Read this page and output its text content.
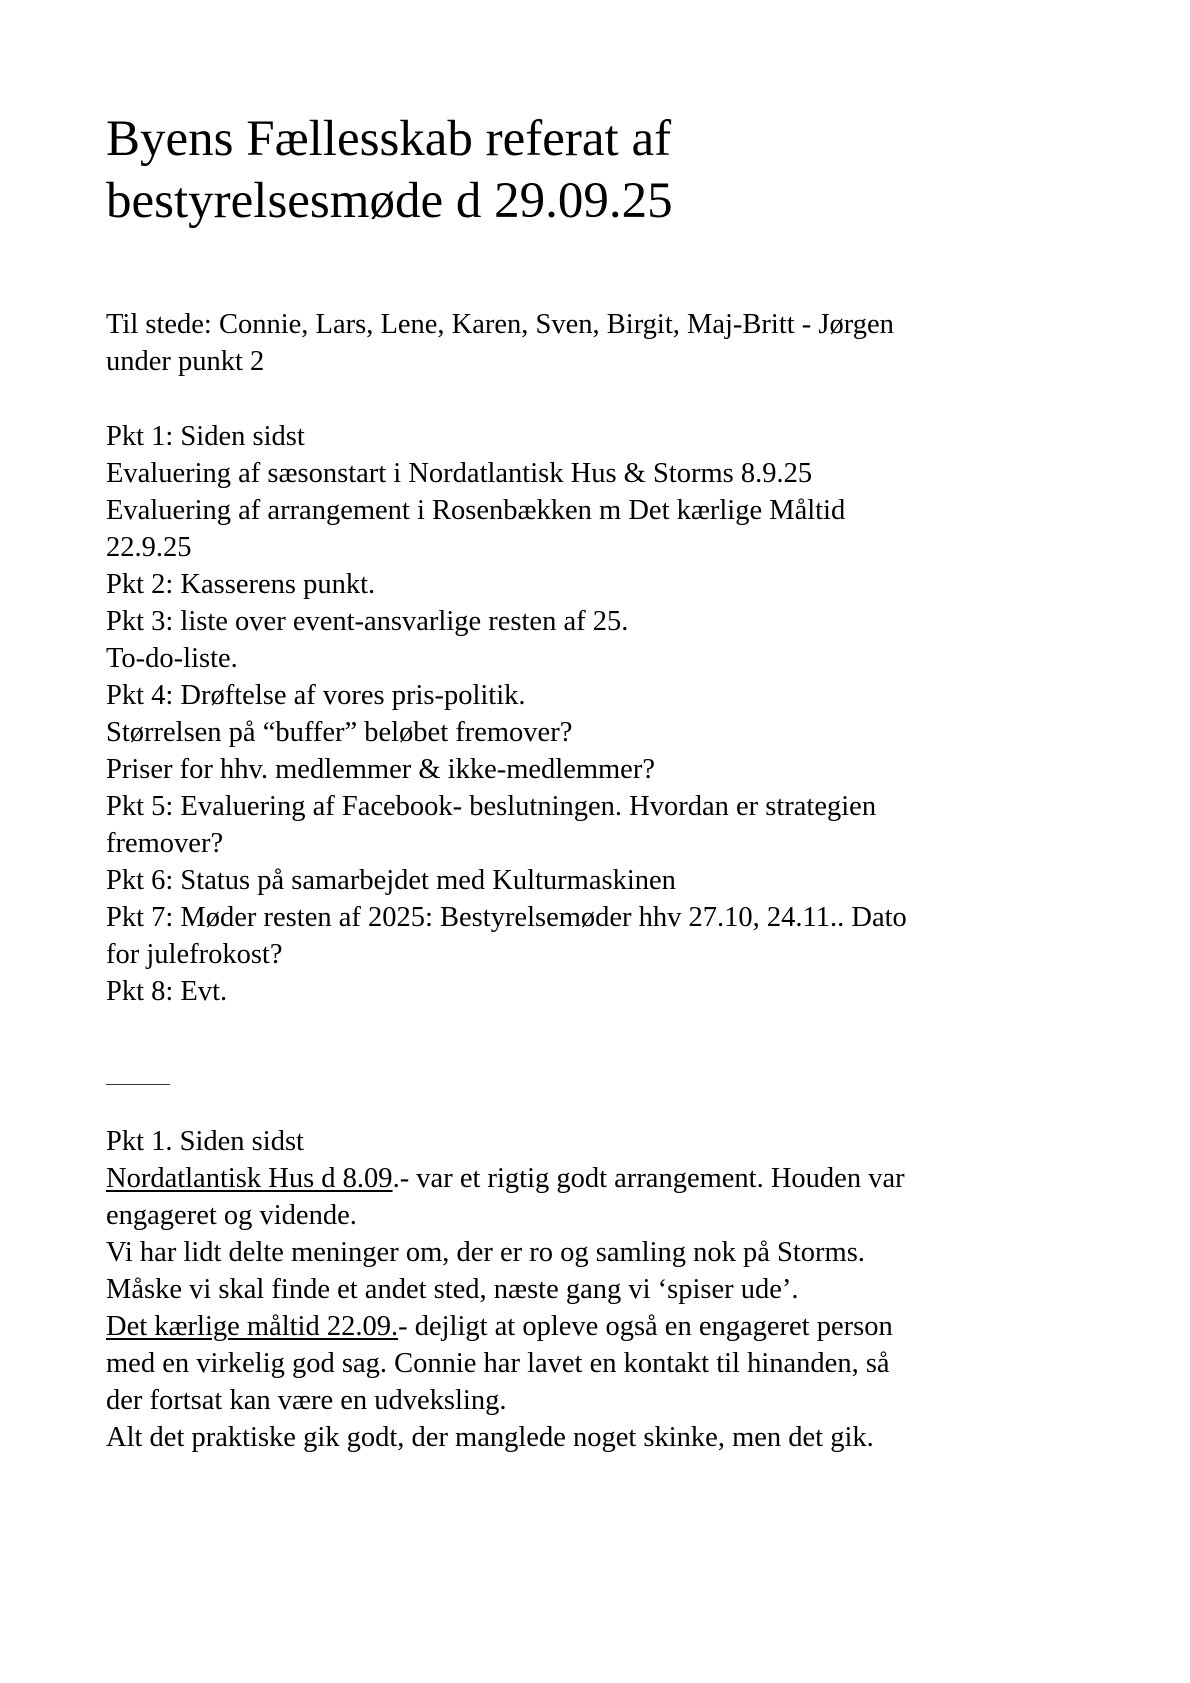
Byens Fællesskab referat af
bestyrelsesmøde d 29.09.25
Til stede: Connie, Lars, Lene, Karen, Sven, Birgit, Maj-Britt - Jørgen
under punkt 2
Pkt 1: Siden sidst
Evaluering af sæsonstart i Nordatlantisk Hus & Storms 8.9.25
Evaluering af arrangement i Rosenbækken m Det kærlige Måltid
22.9.25
Pkt 2: Kasserens punkt.
Pkt 3: liste over event-ansvarlige resten af 25.
To-do-liste.
Pkt 4: Drøftelse af vores pris-politik.
Størrelsen på “buffer” beløbet fremover?
Priser for hhv. medlemmer & ikke-medlemmer?
Pkt 5: Evaluering af Facebook- beslutningen. Hvordan er strategien
fremover?
Pkt 6: Status på samarbejdet med Kulturmaskinen
Pkt 7: Møder resten af 2025: Bestyrelsemøder hhv 27.10, 24.11.. Dato
for julefrokost?
Pkt 8: Evt.
Pkt 1. Siden sidst
Nordatlantisk Hus d 8.09.- var et rigtig godt arrangement. Houden var
engageret og vidende.
Vi har lidt delte meninger om, der er ro og samling nok på Storms.
Måske vi skal finde et andet sted, næste gang vi ‘spiser ude’.
Det kærlige måltid 22.09.- dejligt at opleve også en engageret person
med en virkelig god sag. Connie har lavet en kontakt til hinanden, så
der fortsat kan være en udveksling.
Alt det praktiske gik godt, der manglede noget skinke, men det gik.
